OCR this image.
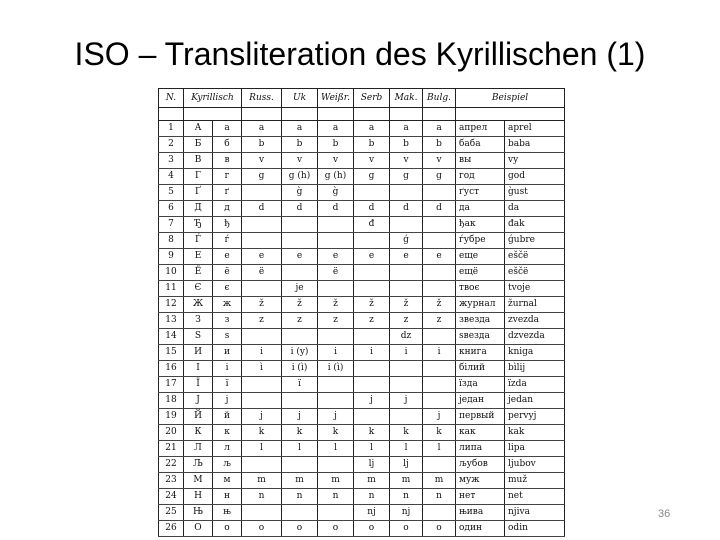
ISO – Transliteration des Kyrillischen (1)
N.	Kyrillisch		Russ.	Uk	Weißr.	Serb	Mak.	Bulg.	Beispiel	

1	А	а	a	a	a	a	a	a	апрел	aprel
2	Б	б	b	b	b	b	b	b	баба	baba
3	В	в	v	v	v	v	v	v	вы	vy
4	Г	г	g	g (h)	g (h)	g	g	g	год	god
5	Ґ	ґ		g̀	g̀				ґуст	g̀ust
6	Д	д	d	d	d	d	d	d	да	da
7	Ђ	ђ				đ			ђак	đak
8	Ѓ	ѓ					ǵ		ѓубре	ǵubre
9	Е	е	e	e	e	e	e	e	еще	eščë
10	Ё	ё	ë		ë				ещё	eščë
11	Є	є		je					твоє	tvoje
12	Ж	ж	ž	ž	ž	ž	ž	ž	журнал	žurnal
13	З	з	z	z	z	z	z	z	звезда	zvezda
14	Ѕ	ѕ					dz		ѕвезда	dzvezda
15	И	и	i	i (y)	i	i	i	i	книга	kniga
16	І	і	ì	i (ì)	i (ì)				білий	bìlij
17	Ї	ї		ï					їзда	ïzda
18	Ј	ј				j	j		један	jedan
19	Й	й	j	j	j			j	первый	pervyj
20	К	к	k	k	k	k	k	k	как	kak
21	Л	л	l	l	l	l	l	l	липа	lipa
22	Љ	љ				lj	lj		љубов	ljubov
23	М	м	m	m	m	m	m	m	муж	muž
24	Н	н	n	n	n	n	n	n	нет	net
25	Њ	њ				nj	nj		њива	njiva
26	О	о	o	o	o	o	o	o	один	odin
36
